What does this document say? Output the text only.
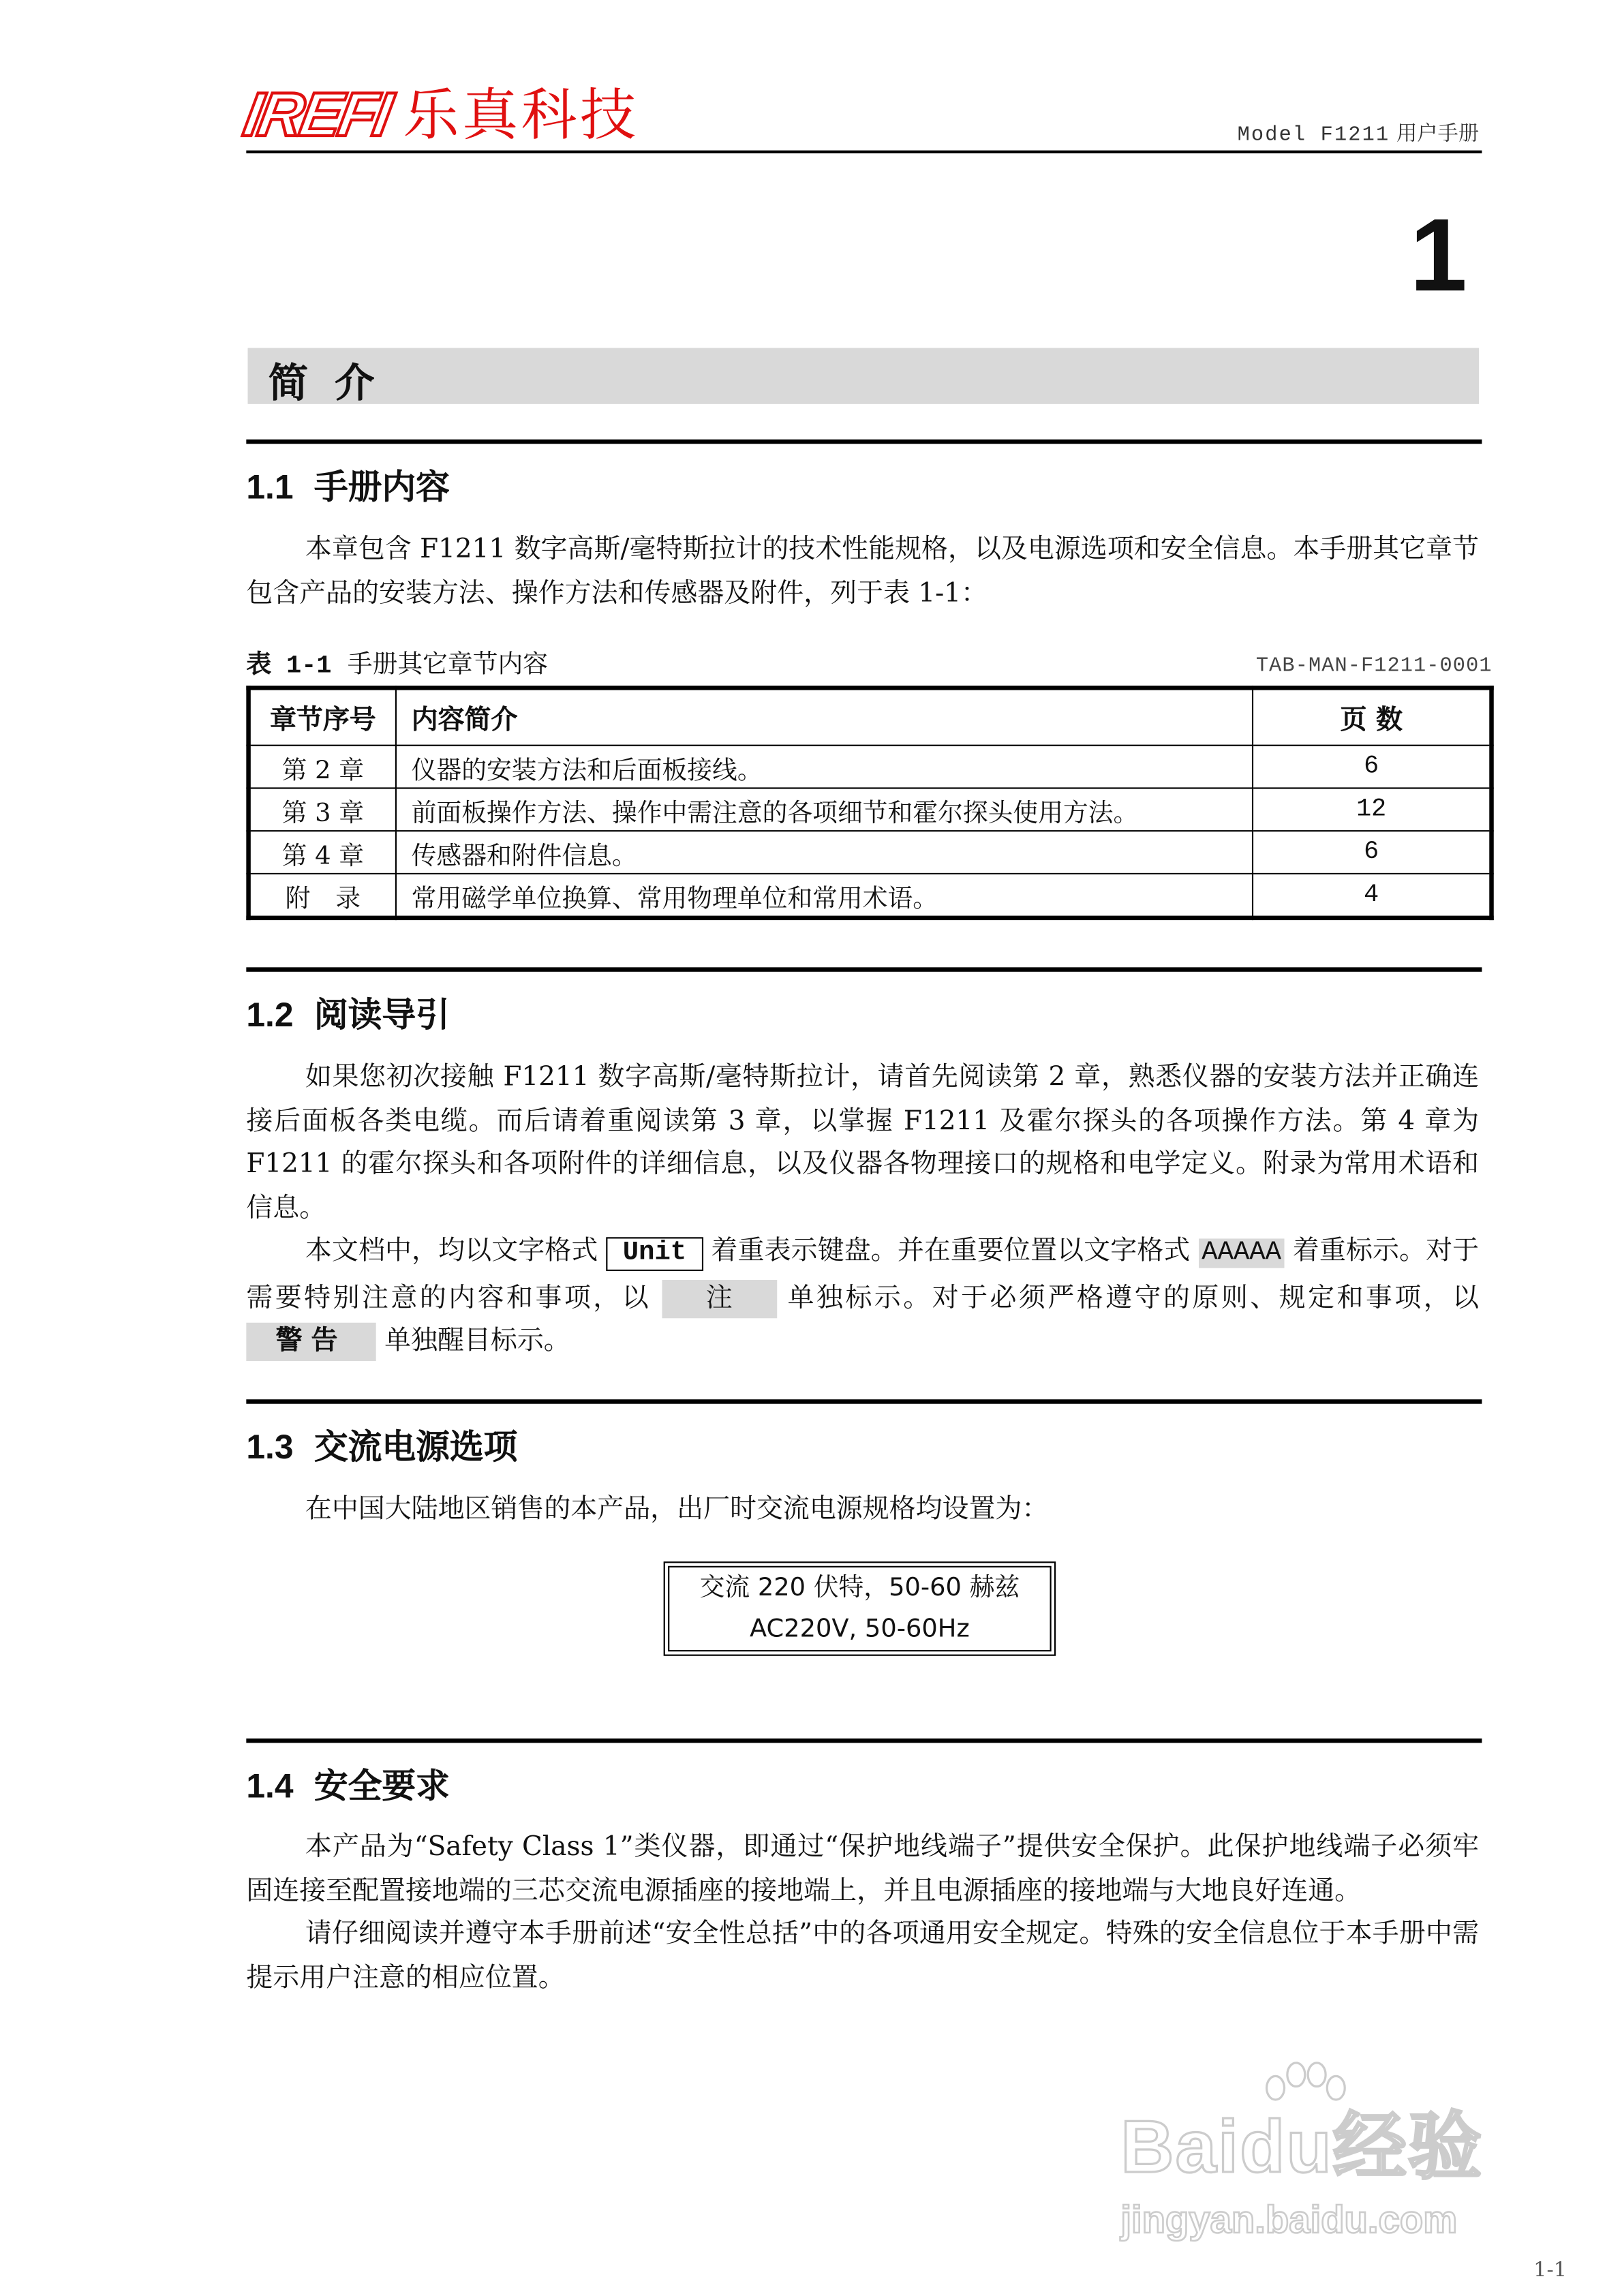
IREFI 乐真科技	Model F1211 用户手册
1
简介
1.1 手册内容

本章包含 F1211 数字高斯/毫特斯拉计的技术性能规格，以及电源选项和安全信息。本手册其它章节包含产品的安装方法、操作方法和传感器及附件，列于表 1-1：

表 1-1 手册其它章节内容	TAB-MAN-F1211-0001
章节序号	内容简介	页 数
第 2 章	仪器的安装方法和后面板接线。	6
第 3 章	前面板操作方法、操作中需注意的各项细节和霍尔探头使用方法。	12
第 4 章	传感器和附件信息。	6
附　录	常用磁学单位换算、常用物理单位和常用术语。	4
1.2 阅读导引

如果您初次接触 F1211 数字高斯/毫特斯拉计，请首先阅读第 2 章，熟悉仪器的安装方法并正确连接后面板各类电缆。而后请着重阅读第 3 章，以掌握 F1211 及霍尔探头的各项操作方法。第 4 章为 F1211 的霍尔探头和各项附件的详细信息，以及仪器各物理接口的规格和电学定义。附录为常用术语和信息。

本文档中，均以文字格式 Unit 着重表示键盘。并在重要位置以文字格式 AAAAA 着重标示。对于需要特别注意的内容和事项，以	注	单独标示。对于必须严格遵守的原则、规定和事项，以 警告	单独醒目标示。

1.3 交流电源选项

在中国大陆地区销售的本产品，出厂时交流电源规格均设置为：

交流 220 伏特，50-60 赫兹
AC220V, 50-60Hz
1.4 安全要求

本产品为“Safety Class 1”类仪器，即通过“保护地线端子”提供安全保护。此保护地线端子必须牢固连接至配置接地端的三芯交流电源插座的接地端上，并且电源插座的接地端与大地良好连通。

请仔细阅读并遵守本手册前述“安全性总括”中的各项通用安全规定。特殊的安全信息位于本手册中需提示用户注意的相应位置。

Baidu经验
jingyan.baidu.com
1-1
